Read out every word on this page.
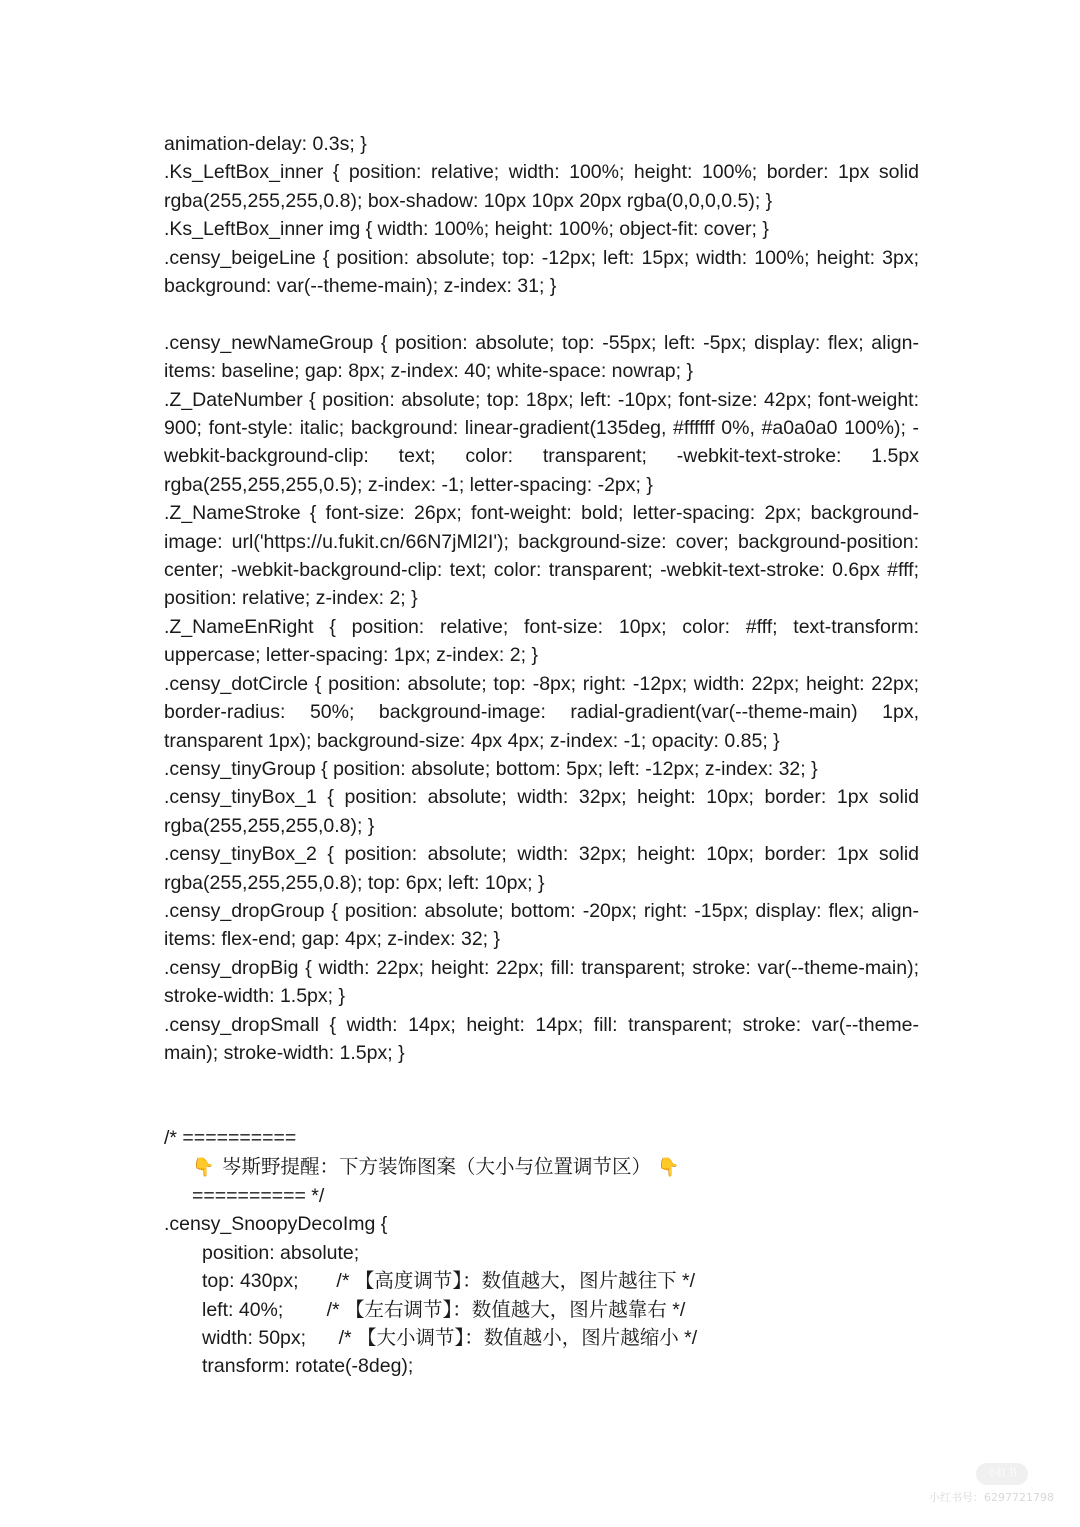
animation-delay: 0.3s; }

.Ks_LeftBox_inner { position: relative; width: 100%; height: 100%; border: 1px solid rgba(255,255,255,0.8); box-shadow: 10px 10px 20px rgba(0,0,0,0.5); }

.Ks_LeftBox_inner img { width: 100%; height: 100%; object-fit: cover; }

.censy_beigeLine { position: absolute; top: -12px; left: 15px; width: 100%; height: 3px; background: var(--theme-main); z-index: 31; }

.censy_newNameGroup { position: absolute; top: -55px; left: -5px; display: flex; align-items: baseline; gap: 8px; z-index: 40; white-space: nowrap; }

.Z_DateNumber { position: absolute; top: 18px; left: -10px; font-size: 42px; font-weight: 900; font-style: italic; background: linear-gradient(135deg, #ffffff 0%, #a0a0a0 100%); -webkit-background-clip: text; color: transparent; -webkit-text-stroke: 1.5px rgba(255,255,255,0.5); z-index: -1; letter-spacing: -2px; }

.Z_NameStroke { font-size: 26px; font-weight: bold; letter-spacing: 2px; background-image: url('https://u.fukit.cn/66N7jMl2I'); background-size: cover; background-position: center; -webkit-background-clip: text; color: transparent; -webkit-text-stroke: 0.6px #fff; position: relative; z-index: 2; }

.Z_NameEnRight { position: relative; font-size: 10px; color: #fff; text-transform: uppercase; letter-spacing: 1px; z-index: 2; }

.censy_dotCircle { position: absolute; top: -8px; right: -12px; width: 22px; height: 22px; border-radius: 50%; background-image: radial-gradient(var(--theme-main) 1px, transparent 1px); background-size: 4px 4px; z-index: -1; opacity: 0.85; }

.censy_tinyGroup { position: absolute; bottom: 5px; left: -12px; z-index: 32; }

.censy_tinyBox_1 { position: absolute; width: 32px; height: 10px; border: 1px solid rgba(255,255,255,0.8); }

.censy_tinyBox_2 { position: absolute; width: 32px; height: 10px; border: 1px solid rgba(255,255,255,0.8); top: 6px; left: 10px; }

.censy_dropGroup { position: absolute; bottom: -20px; right: -15px; display: flex; align-items: flex-end; gap: 4px; z-index: 32; }

.censy_dropBig { width: 22px; height: 22px; fill: transparent; stroke: var(--theme-main); stroke-width: 1.5px; }

.censy_dropSmall { width: 14px; height: 14px; fill: transparent; stroke: var(--theme-main); stroke-width: 1.5px; }

/* ==========

👇 岑斯野提醒：下方装饰图案（大小与位置调节区） 👇

========== */

.censy_SnoopyDecoImg {

position: absolute;

top: 430px;       /* 【高度调节】：数值越大，图片越往下 */

left: 40%;        /* 【左右调节】：数值越大，图片越靠右 */

width: 50px;      /* 【大小调节】：数值越小，图片越缩小 */

transform: rotate(-8deg);

小红书
小红书号：6297721798
